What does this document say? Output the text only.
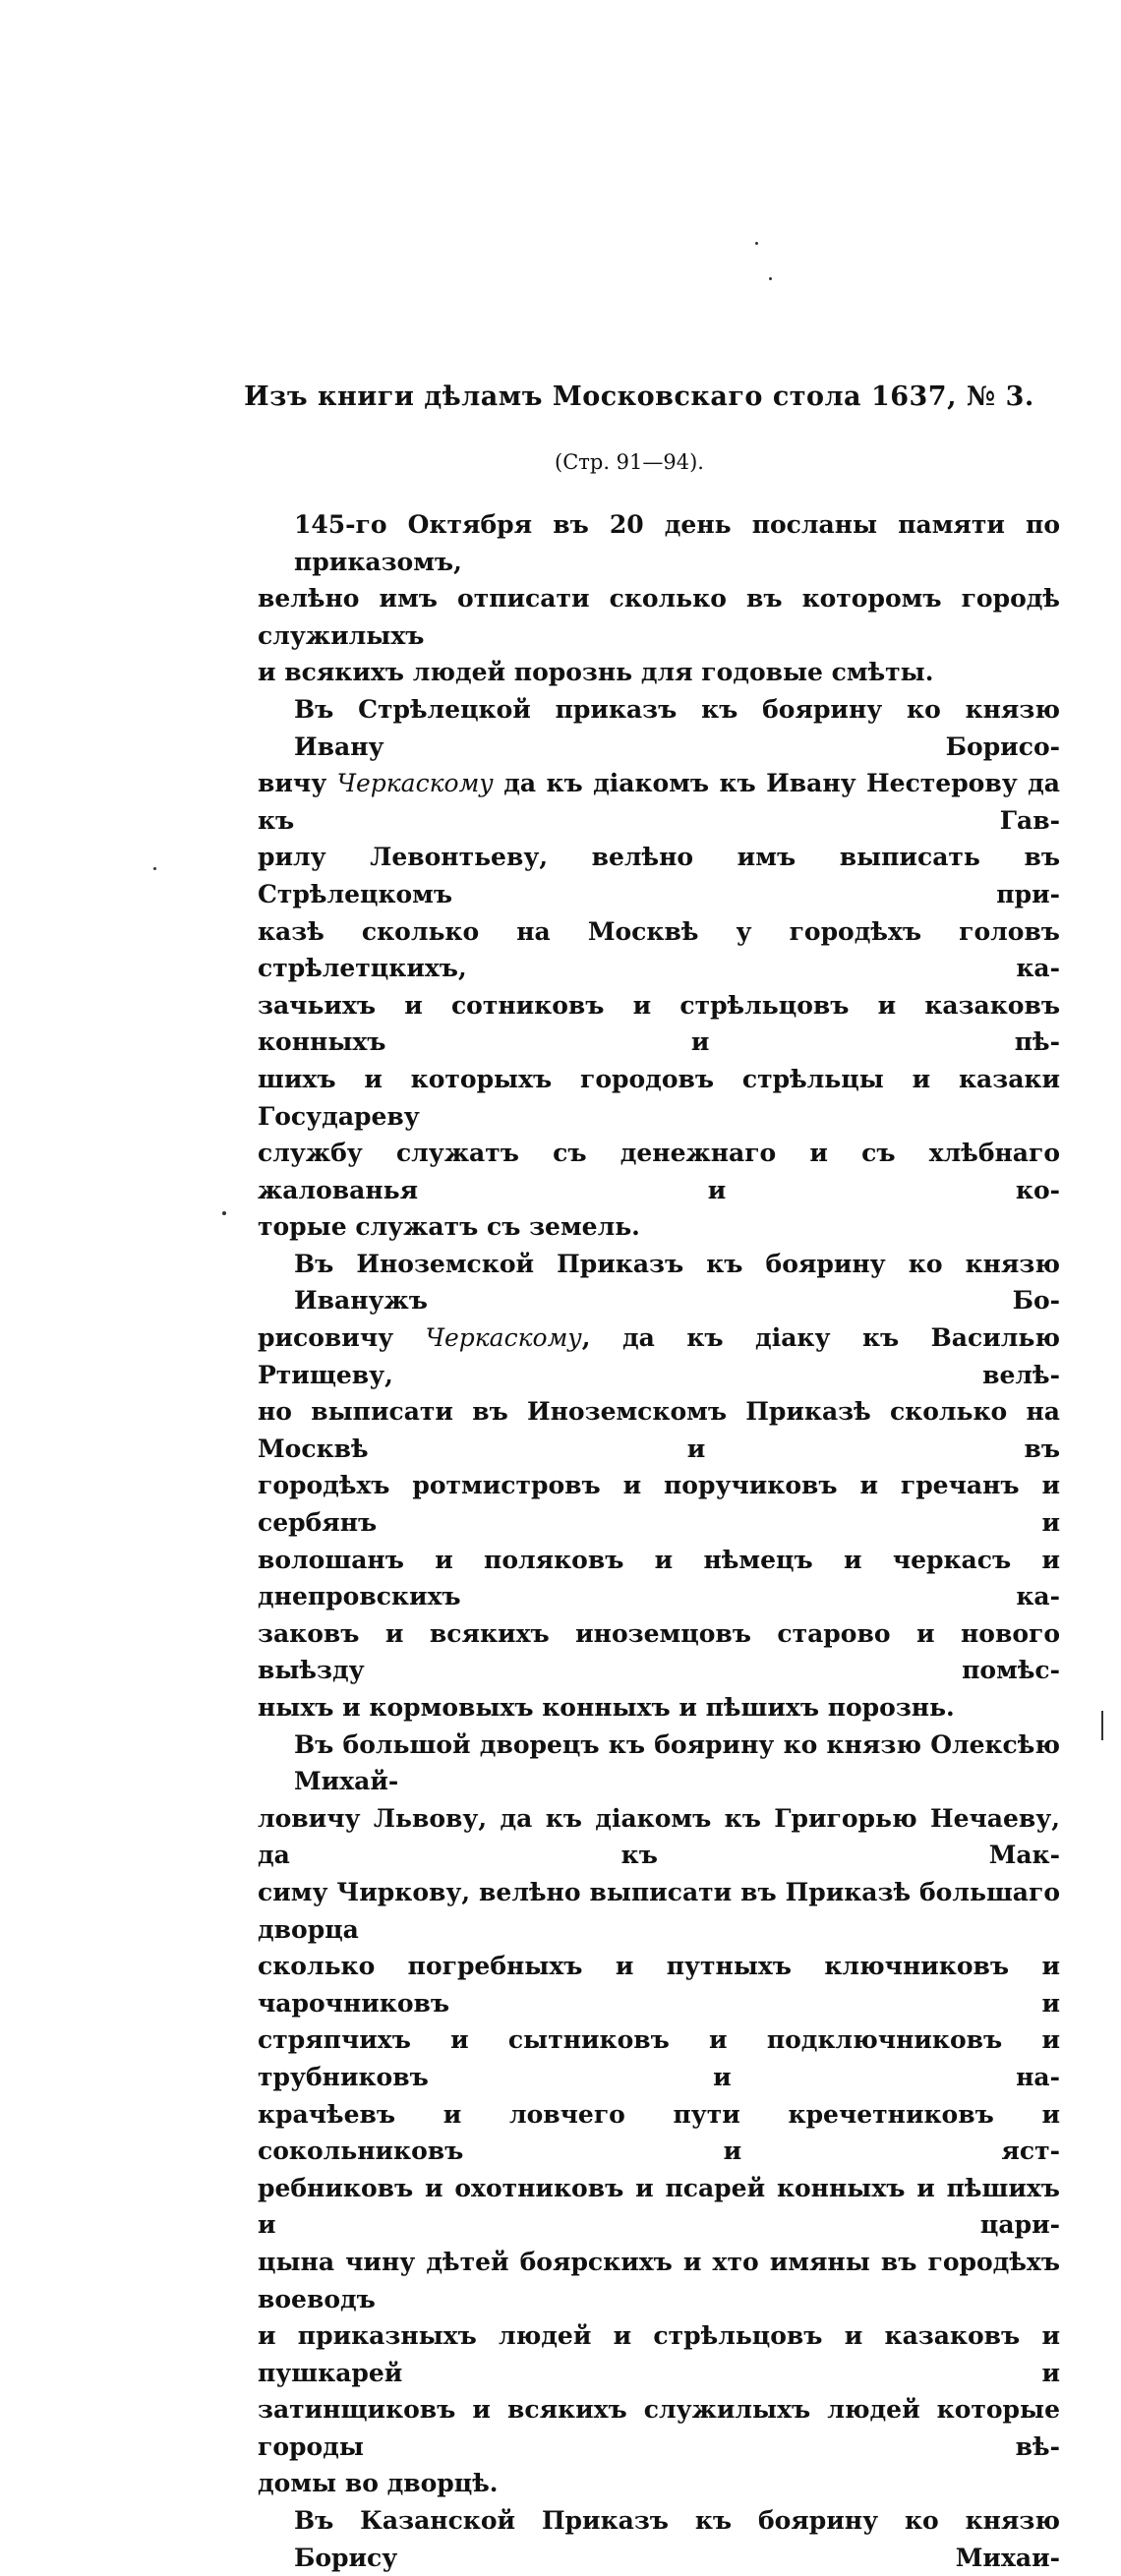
Изъ книги дѣламъ Московскаго стола 1637, № 3.
(Стр. 91—94).

145-го Октября въ 20 день посланы памяти по приказомъ,
велѣно имъ отписати сколько въ которомъ городѣ служилыхъ
и всякихъ людей порознь для годовые смѣты.

Въ Стрѣлецкой приказъ къ боярину ко князю Ивану Борисо-
вичу Черкаскому да къ діакомъ къ Ивану Нестерову да къ Гав-
рилу Левонтьеву, велѣно имъ выписать въ Стрѣлецкомъ при-
казѣ сколько на Москвѣ у городѣхъ головъ стрѣлетцкихъ, ка-
зачьихъ и сотниковъ и стрѣльцовъ и казаковъ конныхъ и пѣ-
шихъ и которыхъ городовъ стрѣльцы и казаки Государеву
службу служатъ съ денежнаго и съ хлѣбнаго жалованья и ко-
торые служатъ съ земель.

Въ Иноземской Приказъ къ боярину ко князю Иванужъ Бо-
рисовичу Черкаскому, да къ діаку къ Василью Ртищеву, велѣ-
но выписати въ Иноземскомъ Приказѣ сколько на Москвѣ и въ
городѣхъ ротмистровъ и поручиковъ и гречанъ и сербянъ и
волошанъ и поляковъ и нѣмецъ и черкасъ и днепровскихъ ка-
заковъ и всякихъ иноземцовъ старово и нового выѣзду помѣс-
ныхъ и кормовыхъ конныхъ и пѣшихъ порознь.

Въ большой дворецъ къ боярину ко князю Олексѣю Михай-
ловичу Львову, да къ діакомъ къ Григорью Нечаеву, да къ Мак-
симу Чиркову, велѣно выписати въ Приказѣ большаго дворца
сколько погребныхъ и путныхъ ключниковъ и чарочниковъ и
стряпчихъ и сытниковъ и подключниковъ и трубниковъ и на-
крачѣевъ и ловчего пути кречетниковъ и сокольниковъ и яст-
ребниковъ и охотниковъ и псарей конныхъ и пѣшихъ и цари-
цына чину дѣтей боярскихъ и хто имяны въ городѣхъ воеводъ
и приказныхъ людей и стрѣльцовъ и казаковъ и пушкарей и
затинщиковъ и всякихъ служилыхъ людей которые городы вѣ-
домы во дворцѣ.

Въ Казанской Приказъ къ боярину ко князю Борису Михаи-
